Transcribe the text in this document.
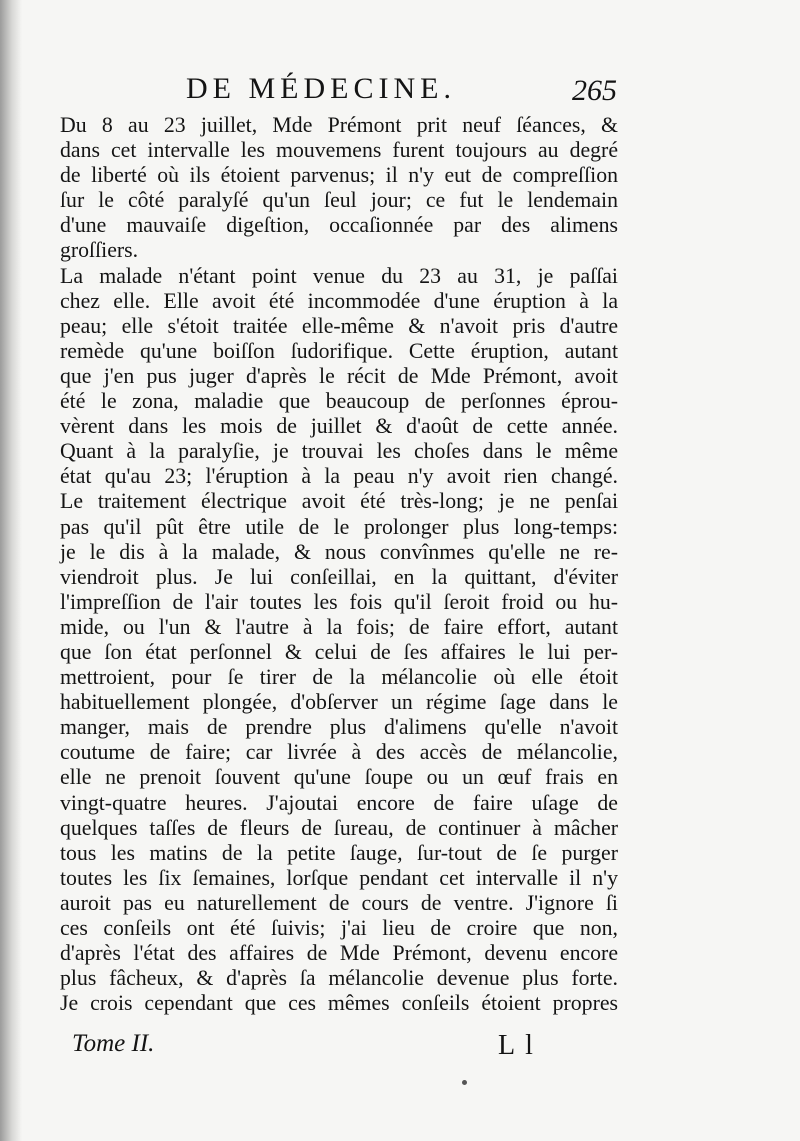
DE MÉDECINE.	265
Du 8 au 23 juillet, Mde Prémont prit neuf ſéances, &
dans cet intervalle les mouvemens furent toujours au degré
de liberté où ils étoient parvenus; il n'y eut de compreſſion
ſur le côté paralyſé qu'un ſeul jour; ce fut le lendemain
d'une mauvaiſe digeſtion, occaſionnée par des alimens
groſſiers.
La malade n'étant point venue du 23 au 31, je paſſai
chez elle. Elle avoit été incommodée d'une éruption à la
peau; elle s'étoit traitée elle-même & n'avoit pris d'autre
remède qu'une boiſſon ſudorifique. Cette éruption, autant
que j'en pus juger d'après le récit de Mde Prémont, avoit
été le zona, maladie que beaucoup de perſonnes éprou-
vèrent dans les mois de juillet & d'août de cette année.
Quant à la paralyſie, je trouvai les choſes dans le même
état qu'au 23; l'éruption à la peau n'y avoit rien changé.
Le traitement électrique avoit été très-long; je ne penſai
pas qu'il pût être utile de le prolonger plus long-temps:
je le dis à la malade, & nous convînmes qu'elle ne re-
viendroit plus. Je lui conſeillai, en la quittant, d'éviter
l'impreſſion de l'air toutes les fois qu'il ſeroit froid ou hu-
mide, ou l'un & l'autre à la fois; de faire effort, autant
que ſon état perſonnel & celui de ſes affaires le lui per-
mettroient, pour ſe tirer de la mélancolie où elle étoit
habituellement plongée, d'obſerver un régime ſage dans le
manger, mais de prendre plus d'alimens qu'elle n'avoit
coutume de faire; car livrée à des accès de mélancolie,
elle ne prenoit ſouvent qu'une ſoupe ou un œuf frais en
vingt-quatre heures. J'ajoutai encore de faire uſage de
quelques taſſes de fleurs de ſureau, de continuer à mâcher
tous les matins de la petite ſauge, ſur-tout de ſe purger
toutes les ſix ſemaines, lorſque pendant cet intervalle il n'y
auroit pas eu naturellement de cours de ventre. J'ignore ſi
ces conſeils ont été ſuivis; j'ai lieu de croire que non,
d'après l'état des affaires de Mde Prémont, devenu encore
plus fâcheux, & d'après ſa mélancolie devenue plus forte.
Je crois cependant que ces mêmes conſeils étoient propres
Tome II.	L l
